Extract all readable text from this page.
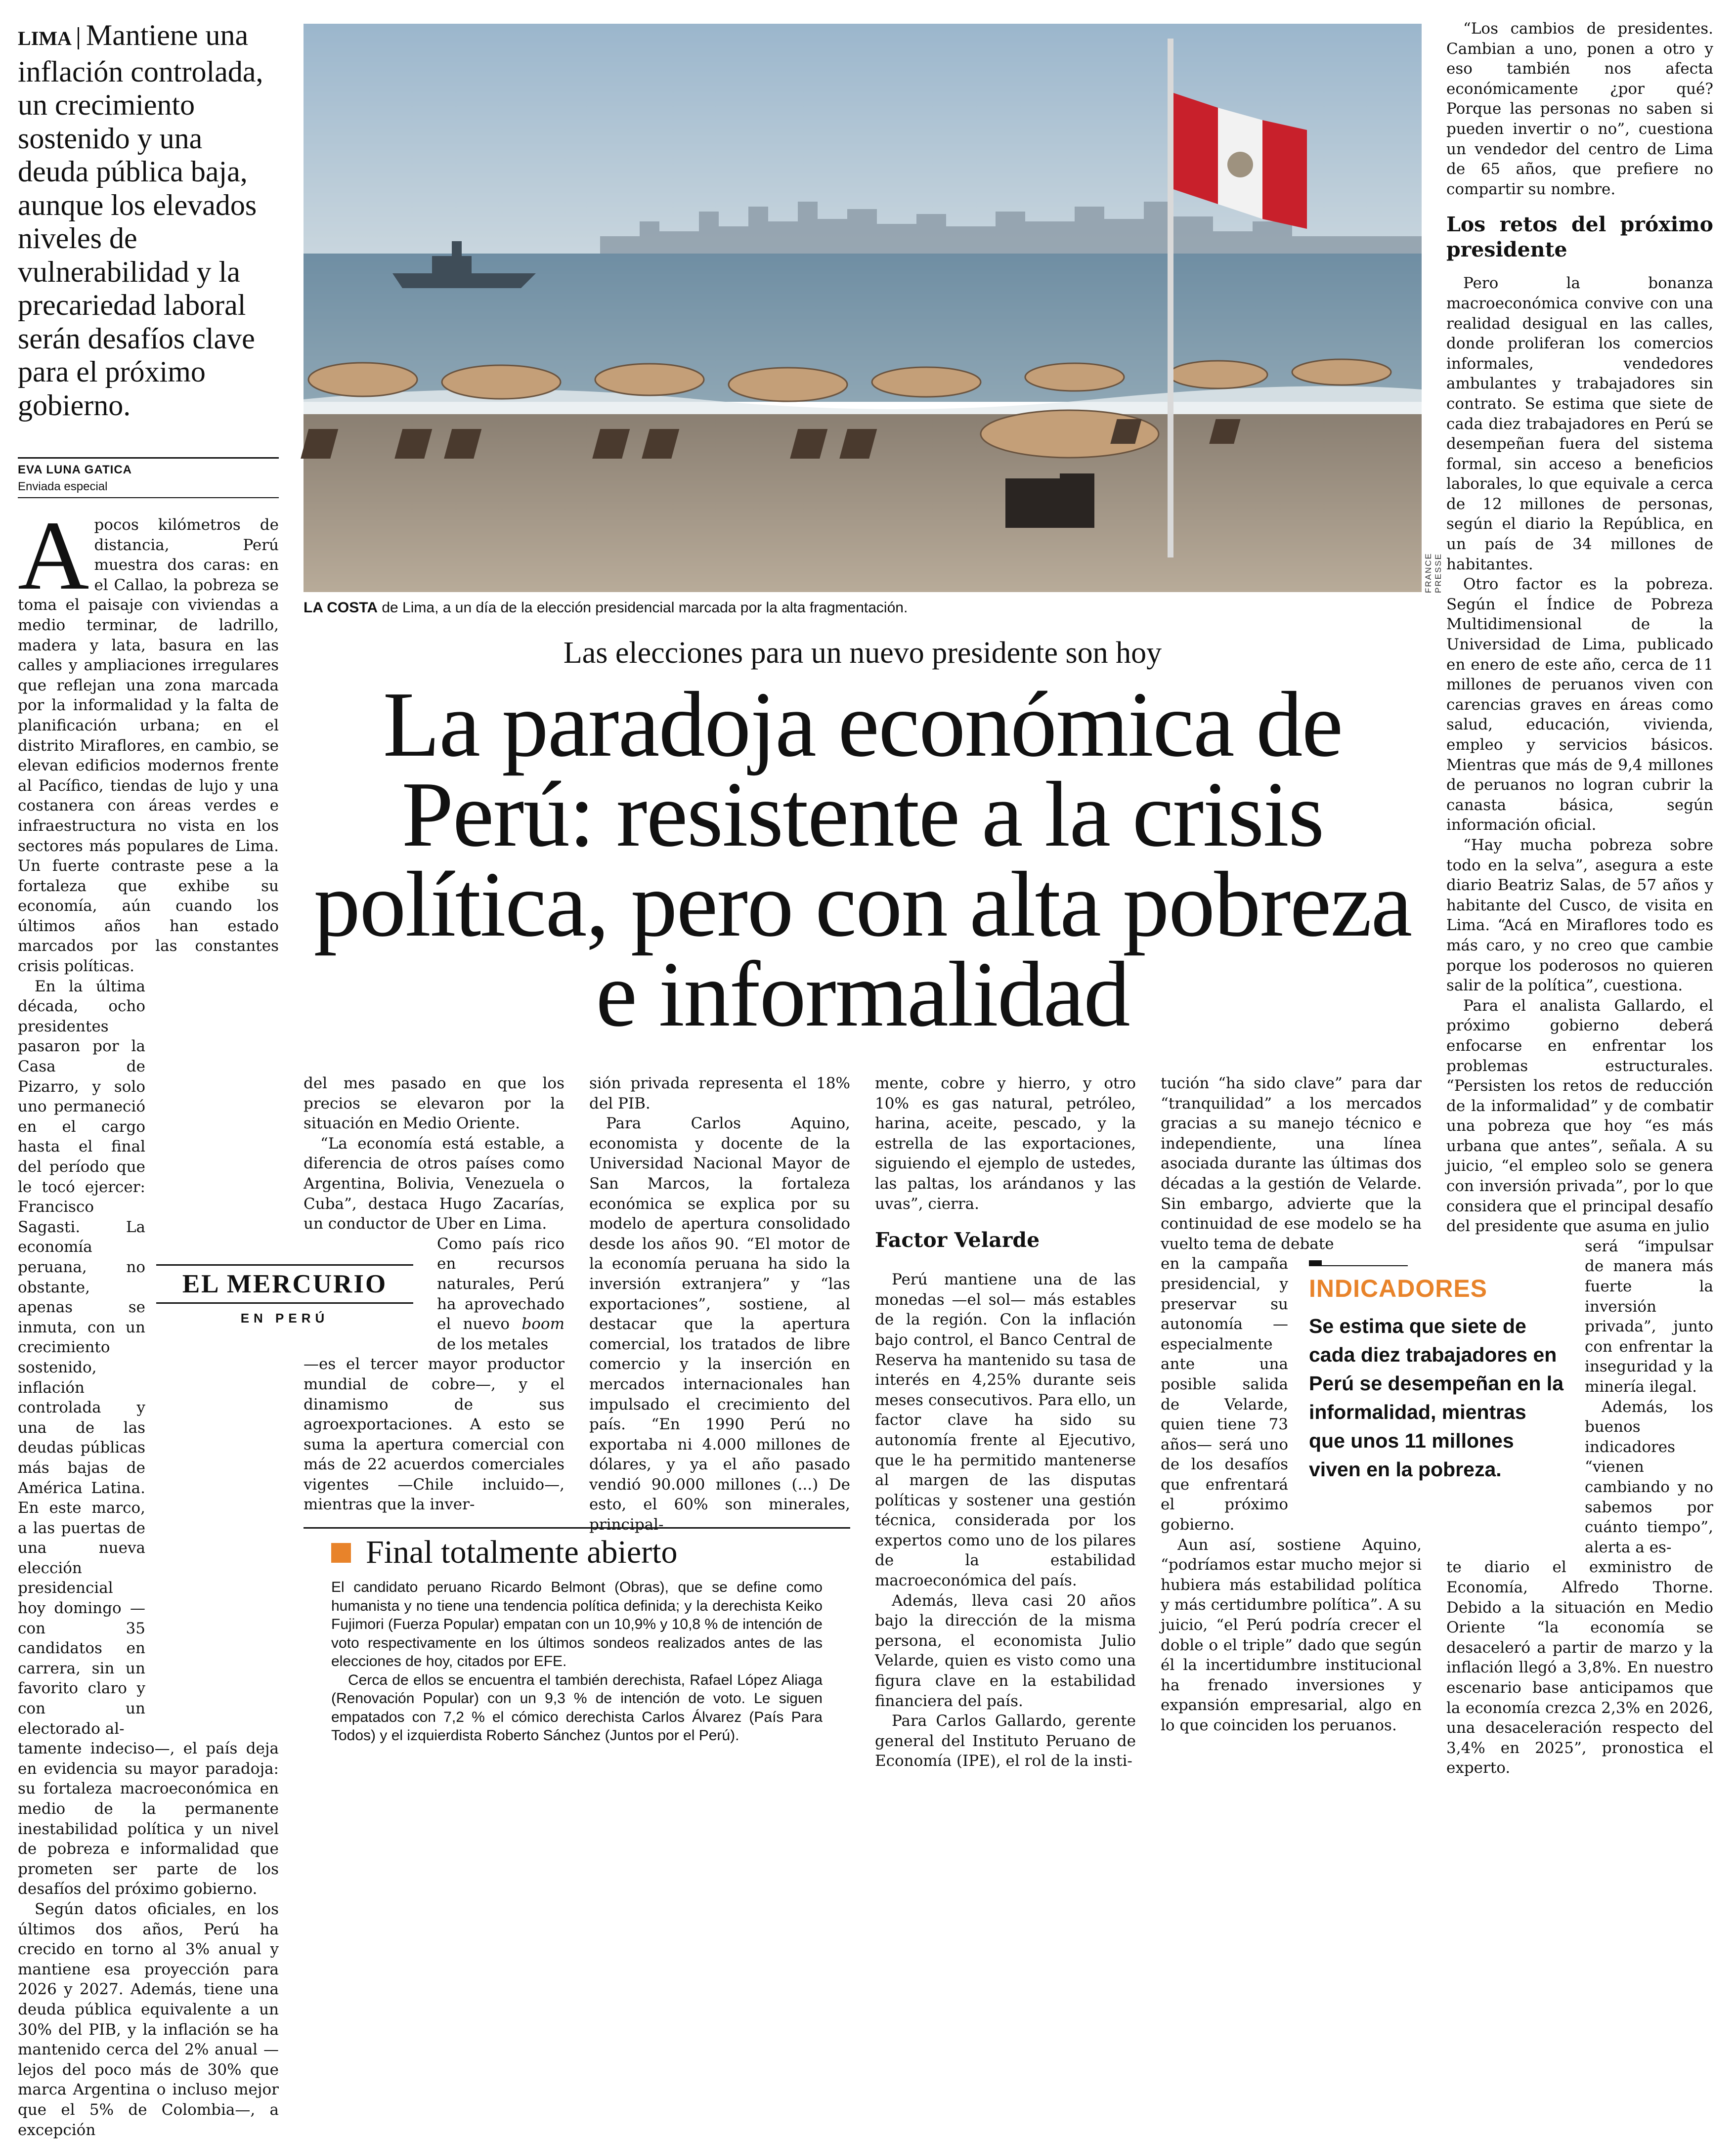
LIMA Mantiene una inflación controlada, un crecimiento sostenido y una deuda pública baja, aunque los elevados niveles de vulnerabilidad y la precariedad laboral serán desafíos clave para el próximo gobierno.
EVA LUNA GATICA
Enviada especial
FRANCE PRESSE
LA COSTA de Lima, a un día de la elección presidencial marcada por la alta fragmentación.
Las elecciones para un nuevo presidente son hoy
La paradoja económica de
Perú: resistente a la crisis
política, pero con alta pobreza
e informalidad

Apocos kilómetros de distancia, Perú muestra dos caras: en el Callao, la pobreza se toma el paisaje con viviendas a medio terminar, de ladrillo, madera y lata, basura en las calles y ampliaciones irregulares que reflejan una zona marcada por la informalidad y la falta de planificación urbana; en el distrito Miraflores, en cambio, se elevan edificios modernos frente al Pacífico, tiendas de lujo y una costanera con áreas verdes e infraestructura no vista en los sectores más populares de Lima. Un fuerte contraste pese a la fortaleza que exhibe su economía, aún cuando los últimos años han estado marcados por las constantes crisis políticas.

En la última década, ocho presidentes pasaron por la Casa de Pizarro, y solo uno permaneció en el cargo hasta el final del período que le tocó ejercer: Francisco Sagasti. La economía peruana, no obstante, apenas se inmuta, con un crecimiento sostenido, inflación controlada y una de las deudas públicas más bajas de América Latina. En este marco, a las puertas de una nueva elección presidencial hoy domingo —con 35 candidatos en carrera, sin un favorito claro y con un electorado al-

tamente indeciso—, el país deja en evidencia su mayor paradoja: su fortaleza macroeconómica en medio de la permanente inestabilidad política y un nivel de pobreza e informalidad que prometen ser parte de los desafíos del próximo gobierno.

Según datos oficiales, en los últimos dos años, Perú ha crecido en torno al 3% anual y mantiene esa proyección para 2026 y 2027. Además, tiene una deuda pública equivalente a un 30% del PIB, y la inflación se ha mantenido cerca del 2% anual —lejos del poco más de 30% que marca Argentina o incluso mejor que el 5% de Colombia—, a excepción

del mes pasado en que los precios se elevaron por la situación en Medio Oriente.

“La economía está estable, a diferencia de otros países como Argentina, Bolivia, Venezuela o Cuba”, destaca Hugo Zacarías, un conductor de Uber en Lima.

Como país rico en recursos naturales, Perú ha aprovechado el nuevo boom de los metales

—es el tercer mayor productor mundial de cobre—, y el dinamismo de sus agroexportaciones. A esto se suma la apertura comercial con más de 22 acuerdos comerciales vigentes —Chile incluido—, mientras que la inver-

EL MERCURIO
EN PERÚ

sión privada representa el 18% del PIB.

Para Carlos Aquino, economista y docente de la Universidad Nacional Mayor de San Marcos, la fortaleza económica se explica por su modelo de apertura consolidado desde los años 90. “El motor de la economía peruana ha sido la inversión extranjera” y “las exportaciones”, sostiene, al destacar que la apertura comercial, los tratados de libre comercio y la inserción en mercados internacionales han impulsado el crecimiento del país. “En 1990 Perú no exportaba ni 4.000 millones de dólares, y ya el año pasado vendió 90.000 millones (...) De esto, el 60% son minerales, principal-

Final totalmente abierto

El candidato peruano Ricardo Belmont (Obras), que se define como humanista y no tiene una tendencia política definida; y la derechista Keiko Fujimori (Fuerza Popular) empatan con un 10,9% y 10,8 % de intención de voto respectivamente en los últimos sondeos realizados antes de las elecciones de hoy, citados por EFE.

Cerca de ellos se encuentra el también derechista, Rafael López Aliaga (Renovación Popular) con un 9,3 % de intención de voto. Le siguen empatados con 7,2 % el cómico derechista Carlos Álvarez (País Para Todos) y el izquierdista Roberto Sánchez (Juntos por el Perú).

mente, cobre y hierro, y otro 10% es gas natural, petróleo, harina, aceite, pescado, y la estrella de las exportaciones, siguiendo el ejemplo de ustedes, las paltas, los arándanos y las uvas”, cierra.

Factor Velarde

Perú mantiene una de las monedas —el sol— más estables de la región. Con la inflación bajo control, el Banco Central de Reserva ha mantenido su tasa de interés en 4,25% durante seis meses consecutivos. Para ello, un factor clave ha sido su autonomía frente al Ejecutivo, que le ha permitido mantenerse al margen de las disputas políticas y sostener una gestión técnica, considerada por los expertos como uno de los pilares de la estabilidad macroeconómica del país.

Además, lleva casi 20 años bajo la dirección de la misma persona, el economista Julio Velarde, quien es visto como una figura clave en la estabilidad financiera del país.

Para Carlos Gallardo, gerente general del Instituto Peruano de Economía (IPE), el rol de la insti-

tución “ha sido clave” para dar “tranquilidad” a los mercados gracias a su manejo técnico e independiente, una línea asociada durante las últimas dos décadas a la gestión de Velarde. Sin embargo, advierte que la continuidad de ese modelo se ha vuelto tema de debate

en la campaña presidencial, y preservar su autonomía —especialmente ante una posible salida de Velarde, quien tiene 73 años— será uno de los desafíos que enfrentará el próximo gobierno.

Aun así, sostiene Aquino, “podríamos estar mucho mejor si hubiera más estabilidad política y más certidumbre política”. A su juicio, “el Perú podría crecer el doble o el triple” dado que según él la incertidumbre institucional ha frenado inversiones y expansión empresarial, algo en lo que coinciden los peruanos.

INDICADORES
Se estima que siete de cada diez trabajadores en Perú se desempeñan en la informalidad, mientras que unos 11 millones viven en la pobreza.

“Los cambios de presidentes. Cambian a uno, ponen a otro y eso también nos afecta económicamente ¿por qué? Porque las personas no saben si pueden invertir o no”, cuestiona un vendedor del centro de Lima de 65 años, que prefiere no compartir su nombre.

Los retos del próximo presidente

Pero la bonanza macroeconómica convive con una realidad desigual en las calles, donde proliferan los comercios informales, vendedores ambulantes y trabajadores sin contrato. Se estima que siete de cada diez trabajadores en Perú se desempeñan fuera del sistema formal, sin acceso a beneficios laborales, lo que equivale a cerca de 12 millones de personas, según el diario la República, en un país de 34 millones de habitantes.

Otro factor es la pobreza. Según el Índice de Pobreza Multidimensional de la Universidad de Lima, publicado en enero de este año, cerca de 11 millones de peruanos viven con carencias graves en áreas como salud, educación, vivienda, empleo y servicios básicos. Mientras que más de 9,4 millones de peruanos no logran cubrir la canasta básica, según información oficial.

“Hay mucha pobreza sobre todo en la selva”, asegura a este diario Beatriz Salas, de 57 años y habitante del Cusco, de visita en Lima. “Acá en Miraflores todo es más caro, y no creo que cambie porque los poderosos no quieren salir de la política”, cuestiona.

Para el analista Gallardo, el próximo gobierno deberá enfocarse en enfrentar los problemas estructurales. “Persisten los retos de reducción de la informalidad” y de combatir una pobreza que hoy “es más urbana que antes”, señala. A su juicio, “el empleo solo se genera con inversión privada”, por lo que considera que el principal desafío del presidente que asuma en julio

será “impulsar de manera más fuerte la inversión privada”, junto con enfrentar la inseguridad y la minería ilegal.

Además, los buenos indicadores “vienen cambiando y no sabemos por cuánto tiempo”, alerta a es-

te diario el exministro de Economía, Alfredo Thorne. Debido a la situación en Medio Oriente “la economía se desaceleró a partir de marzo y la inflación llegó a 3,8%. En nuestro escenario base anticipamos que la economía crezca 2,3% en 2026, una desaceleración respecto del 3,4% en 2025”, pronostica el experto.
